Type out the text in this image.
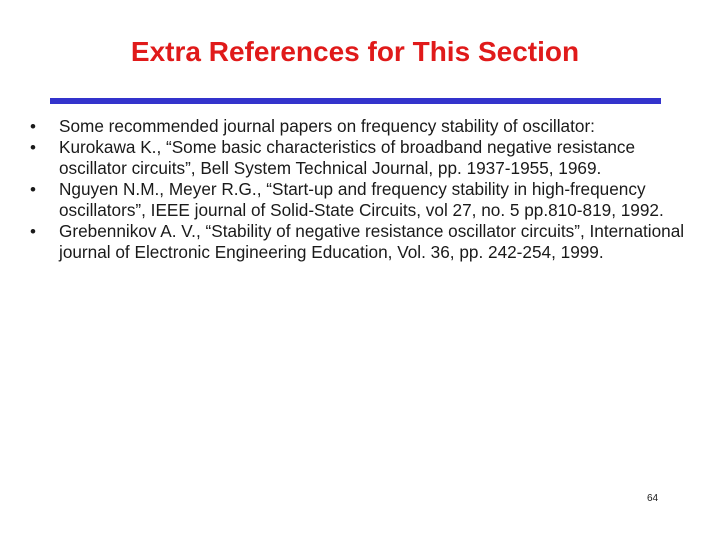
Extra References for This Section
• Some recommended journal papers on frequency stability of oscillator:
• Kurokawa K., “Some basic characteristics of broadband negative resistance oscillator circuits”, Bell System Technical Journal, pp. 1937-1955, 1969.
• Nguyen N.M., Meyer R.G., “Start-up and frequency stability in high-frequency oscillators”, IEEE journal of Solid-State Circuits, vol 27, no. 5 pp.810-819, 1992.
• Grebennikov A. V., “Stability of negative resistance oscillator circuits”, International journal of Electronic Engineering Education, Vol. 36, pp. 242-254, 1999.
64
